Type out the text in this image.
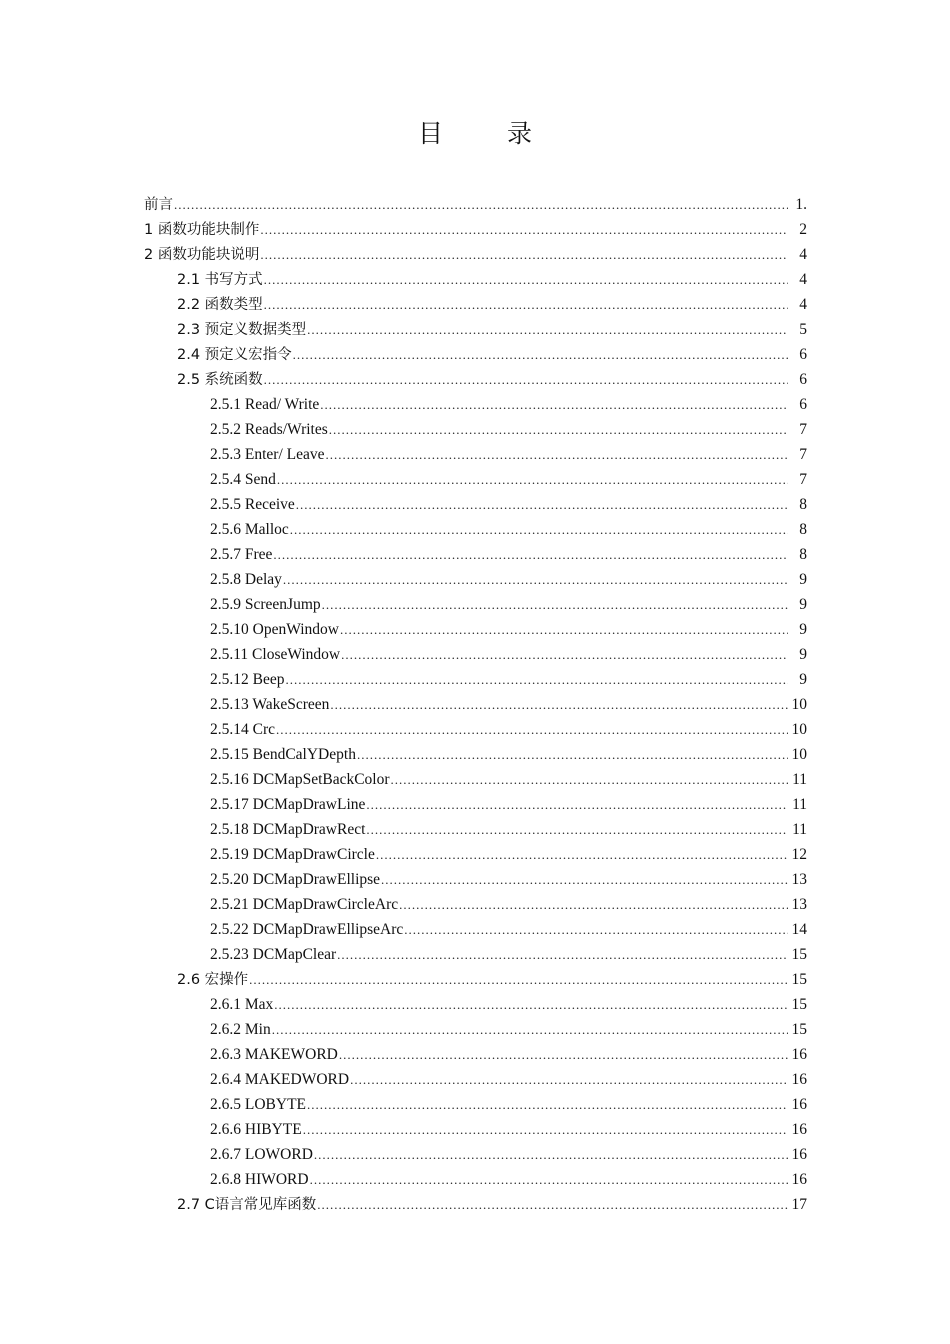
目 录
前言 .....	1.
1 函数功能块制作 .....	2
2 函数功能块说明 .....	4
2.1 书写方式 .....	4
2.2 函数类型 .....	4
2.3 预定义数据类型 .....	5
2.4 预定义宏指令 .....	6
2.5 系统函数 .....	6
2.5.1 Read/ Write .....	6
2.5.2 Reads/Writes .....	7
2.5.3 Enter/ Leave .....	7
2.5.4 Send .....	7
2.5.5 Receive .....	8
2.5.6 Malloc .....	8
2.5.7 Free .....	8
2.5.8 Delay .....	9
2.5.9 ScreenJump .....	9
2.5.10 OpenWindow .....	9
2.5.11 CloseWindow .....	9
2.5.12 Beep .....	9
2.5.13 WakeScreen .....	10
2.5.14 Crc .....	10
2.5.15 BendCalYDepth .....	10
2.5.16 DCMapSetBackColor .....	11
2.5.17 DCMapDrawLine .....	11
2.5.18 DCMapDrawRect .....	11
2.5.19 DCMapDrawCircle .....	12
2.5.20 DCMapDrawEllipse .....	13
2.5.21 DCMapDrawCircleArc .....	13
2.5.22 DCMapDrawEllipseArc .....	14
2.5.23 DCMapClear .....	15
2.6 宏操作 .....	15
2.6.1 Max .....	15
2.6.2 Min .....	15
2.6.3 MAKEWORD .....	16
2.6.4 MAKEDWORD .....	16
2.6.5 LOBYTE .....	16
2.6.6 HIBYTE .....	16
2.6.7 LOWORD .....	16
2.6.8 HIWORD .....	16
2.7 C语言常见库函数 .....	17
